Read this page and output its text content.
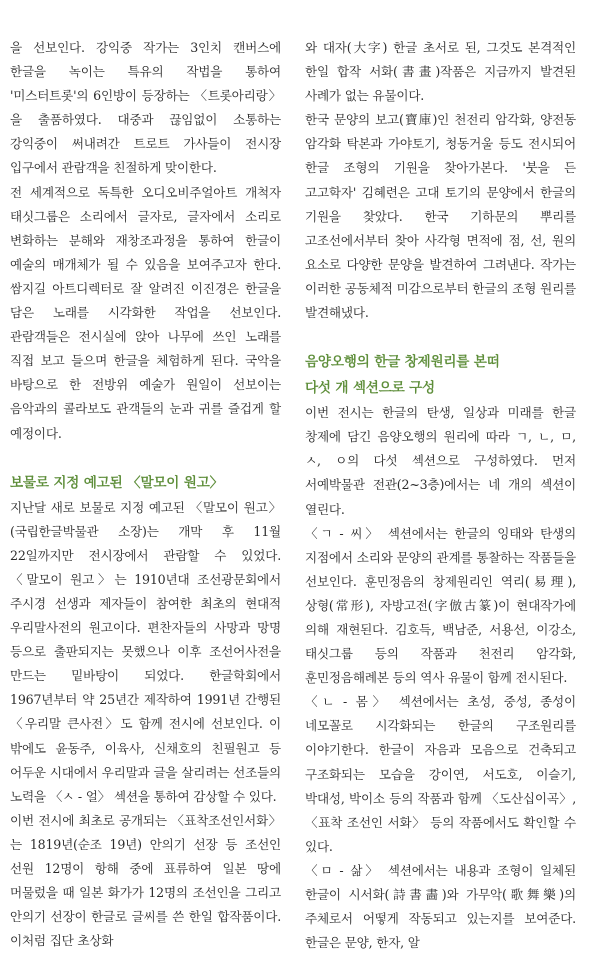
을 선보인다. 강익중 작가는 3인치 캔버스에 한글을 녹이는 특유의 작법을 통하여 '미스터트롯'의 6인방이 등장하는 〈트롯아리랑〉을 출품하였다. 대중과 끊임없이 소통하는 강익중이 써내려간 트로트 가사들이 전시장 입구에서 관람객을 친절하게 맞이한다.

전 세계적으로 독특한 오디오비주얼아트 개척자 태싯그룹은 소리에서 글자로, 글자에서 소리로 변화하는 분해와 재창조과정을 통하여 한글이 예술의 매개체가 될 수 있음을 보여주고자 한다. 쌈지길 아트디렉터로 잘 알려진 이진경은 한글을 담은 노래를 시각화한 작업을 선보인다. 관람객들은 전시실에 앉아 나무에 쓰인 노래를 직접 보고 들으며 한글을 체험하게 된다. 국악을 바탕으로 한 전방위 예술가 원일이 선보이는 음악과의 콜라보도 관객들의 눈과 귀를 즐겁게 할 예정이다.

보물로 지정 예고된 〈말모이 원고〉

지난달 새로 보물로 지정 예고된 〈말모이 원고〉(국립한글박물관 소장)는 개막 후 11월 22일까지만 전시장에서 관람할 수 있었다. 〈말모이 원고〉는 1910년대 조선광문회에서 주시경 선생과 제자들이 참여한 최초의 현대적 우리말사전의 원고이다. 편찬자들의 사망과 망명 등으로 출판되지는 못했으나 이후 조선어사전을 만드는 밑바탕이 되었다. 한글학회에서 1967년부터 약 25년간 제작하여 1991년 간행된 〈우리말 큰사전〉도 함께 전시에 선보인다. 이 밖에도 윤동주, 이육사, 신채호의 친필원고 등 어두운 시대에서 우리말과 글을 살리려는 선조들의 노력을 〈ㅅ - 얼〉 섹션을 통하여 감상할 수 있다.

이번 전시에 최초로 공개되는 〈표착조선인서화〉는 1819년(순조 19년) 안의기 선장 등 조선인 선원 12명이 항해 중에 표류하여 일본 땅에 머물렀을 때 일본 화가가 12명의 조선인을 그리고 안의기 선장이 한글로 글씨를 쓴 한일 합작품이다. 이처럼 집단 초상화

와 대자(大字) 한글 초서로 된, 그것도 본격적인 한일 합작 서화(書畫)작품은 지금까지 발견된 사례가 없는 유물이다.

한국 문양의 보고(寶庫)인 천전리 암각화, 양전동 암각화 탁본과 가야토기, 청동거울 등도 전시되어 한글 조형의 기원을 찾아가본다. '붓을 든 고고학자' 김혜련은 고대 토기의 문양에서 한글의 기원을 찾았다. 한국 기하문의 뿌리를 고조선에서부터 찾아 사각형 면적에 점, 선, 원의 요소로 다양한 문양을 발견하여 그려낸다. 작가는 이러한 공동체적 미감으로부터 한글의 조형 원리를 발견해냈다.

음양오행의 한글 창제원리를 본떠
다섯 개 섹션으로 구성

이번 전시는 한글의 탄생, 일상과 미래를 한글 창제에 담긴 음양오행의 원리에 따라 ㄱ, ㄴ, ㅁ, ㅅ, ㅇ의 다섯 섹션으로 구성하였다. 먼저 서예박물관 전관(2~3층)에서는 네 개의 섹션이 열린다.

〈ㄱ - 씨〉 섹션에서는 한글의 잉태와 탄생의 지점에서 소리와 문양의 관계를 통찰하는 작품들을 선보인다. 훈민정음의 창제원리인 역리(易理), 상형(常形), 자방고전(字倣古篆)이 현대작가에 의해 재현된다. 김호득, 백남준, 서용선, 이강소, 태싯그룹 등의 작품과 천전리 암각화, 훈민정음해례본 등의 역사 유물이 함께 전시된다.

〈ㄴ - 몸〉 섹션에서는 초성, 중성, 종성이 네모꼴로 시각화되는 한글의 구조원리를 이야기한다. 한글이 자음과 모음으로 건축되고 구조화되는 모습을 강이연, 서도호, 이슬기, 박대성, 박이소 등의 작품과 함께 〈도산십이곡〉, 〈표착 조선인 서화〉 등의 작품에서도 확인할 수 있다.

〈ㅁ - 삶〉 섹션에서는 내용과 조형이 일체된 한글이 시서화(詩書畵)와 가무악(歌舞樂)의 주체로서 어떻게 작동되고 있는지를 보여준다. 한글은 문양, 한자, 알
